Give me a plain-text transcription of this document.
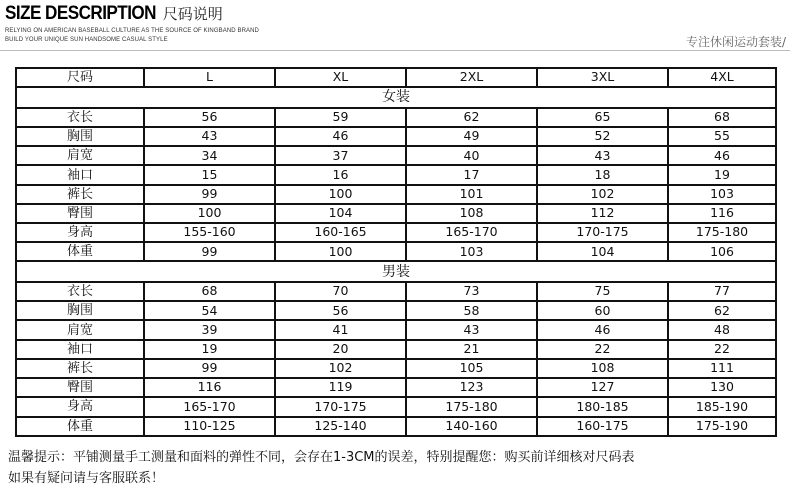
SIZE DESCRIPTION 尺码说明
RELYING ON AMERICAN BASEBALL CULTURE AS THE SOURCE OF KINGBAND BRAND
BUILD YOUR UNIQUE SUN HANDSOME CASUAL STYLE	专注休闲运动套装/
尺码	L	XL	2XL	3XL	4XL
女装					
衣长	56	59	62	65	68
胸围	43	46	49	52	55
肩宽	34	37	40	43	46
袖口	15	16	17	18	19
裤长	99	100	101	102	103
臀围	100	104	108	112	116
身高	155-160	160-165	165-170	170-175	175-180
体重	99	100	103	104	106
男装					
衣长	68	70	73	75	77
胸围	54	56	58	60	62
肩宽	39	41	43	46	48
袖口	19	20	21	22	22
裤长	99	102	105	108	111
臀围	116	119	123	127	130
身高	165-170	170-175	175-180	180-185	185-190
体重	110-125	125-140	140-160	160-175	175-190
温馨提示：平铺测量手工测量和面料的弹性不同，会存在1-3CM的误差，特别提醒您：购买前详细核对尺码表
如果有疑问请与客服联系！
